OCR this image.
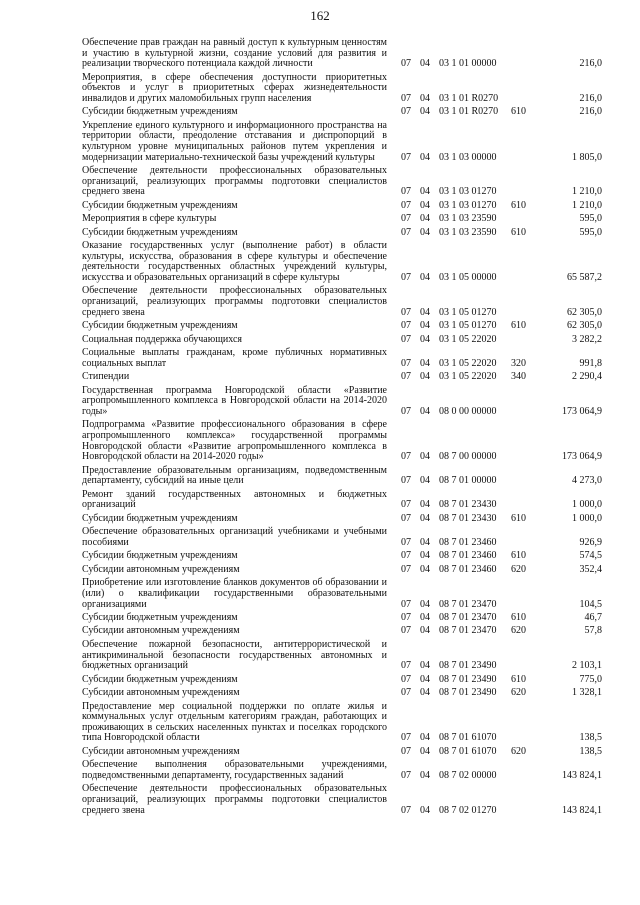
162
Обеспечение прав граждан на равный доступ к культурным ценностям и участию в культурной жизни, создание условий для развития и реализации творческого потенциала каждой личности	07 04 03 1 01 00000	216,0
Мероприятия, в сфере обеспечения доступности приоритетных объектов и услуг в приоритетных сферах жизнедеятельности инвалидов и других маломобильных групп населения	07 04 03 1 01 R0270	216,0
Субсидии бюджетным учреждениям	07 04 03 1 01 R0270	610	216,0
Укрепление единого культурного и информационного пространства на территории области, преодоление отставания и диспропорций в культурном уровне муниципальных районов путем укрепления и модернизации материально-технической базы учреждений культуры	07 04 03 1 03 00000	1 805,0
Обеспечение деятельности профессиональных образовательных организаций, реализующих программы подготовки специалистов среднего звена	07 04 03 1 03 01270	1 210,0
Субсидии бюджетным учреждениям	07 04 03 1 03 01270	610	1 210,0
Мероприятия в сфере культуры	07 04 03 1 03 23590	595,0
Субсидии бюджетным учреждениям	07 04 03 1 03 23590	610	595,0
Оказание государственных услуг (выполнение работ) в области культуры, искусства, образования в сфере культуры и обеспечение деятельности государственных областных учреждений культуры, искусства и образовательных организаций в сфере культуры	07 04 03 1 05 00000	65 587,2
Обеспечение деятельности профессиональных образовательных организаций, реализующих программы подготовки специалистов среднего звена	07 04 03 1 05 01270	62 305,0
Субсидии бюджетным учреждениям	07 04 03 1 05 01270	610	62 305,0
Социальная поддержка обучающихся	07 04 03 1 05 22020	3 282,2
Социальные выплаты гражданам, кроме публичных нормативных социальных выплат	07 04 03 1 05 22020	320	991,8
Стипендии	07 04 03 1 05 22020	340	2 290,4
Государственная программа Новгородской области «Развитие агропромышленного комплекса в Новгородской области на 2014-2020 годы»	07 04 08 0 00 00000	173 064,9
Подпрограмма «Развитие профессионального образования в сфере агропромышленного комплекса» государственной программы Новгородской области «Развитие агропромышленного комплекса в Новгородской области на 2014-2020 годы»	07 04 08 7 00 00000	173 064,9
Предоставление образовательным организациям, подведомственным департаменту, субсидий на иные цели	07 04 08 7 01 00000	4 273,0
Ремонт зданий государственных автономных и бюджетных организаций	07 04 08 7 01 23430	1 000,0
Субсидии бюджетным учреждениям	07 04 08 7 01 23430	610	1 000,0
Обеспечение образовательных организаций учебниками и учебными пособиями	07 04 08 7 01 23460	926,9
Субсидии бюджетным учреждениям	07 04 08 7 01 23460	610	574,5
Субсидии автономным учреждениям	07 04 08 7 01 23460	620	352,4
Приобретение или изготовление бланков документов об образовании и (или) о квалификации государственными образовательными организациями	07 04 08 7 01 23470	104,5
Субсидии бюджетным учреждениям	07 04 08 7 01 23470	610	46,7
Субсидии автономным учреждениям	07 04 08 7 01 23470	620	57,8
Обеспечение пожарной безопасности, антитеррористической и антикриминальной безопасности государственных автономных и бюджетных организаций	07 04 08 7 01 23490	2 103,1
Субсидии бюджетным учреждениям	07 04 08 7 01 23490	610	775,0
Субсидии автономным учреждениям	07 04 08 7 01 23490	620	1 328,1
Предоставление мер социальной поддержки по оплате жилья и коммунальных услуг отдельным категориям граждан, работающих и проживающих в сельских населенных пунктах и поселках городского типа Новгородской области	07 04 08 7 01 61070	138,5
Субсидии автономным учреждениям	07 04 08 7 01 61070	620	138,5
Обеспечение выполнения образовательными учреждениями, подведомственными департаменту, государственных заданий	07 04 08 7 02 00000	143 824,1
Обеспечение деятельности профессиональных образовательных организаций, реализующих программы подготовки специалистов среднего звена	07 04 08 7 02 01270	143 824,1
